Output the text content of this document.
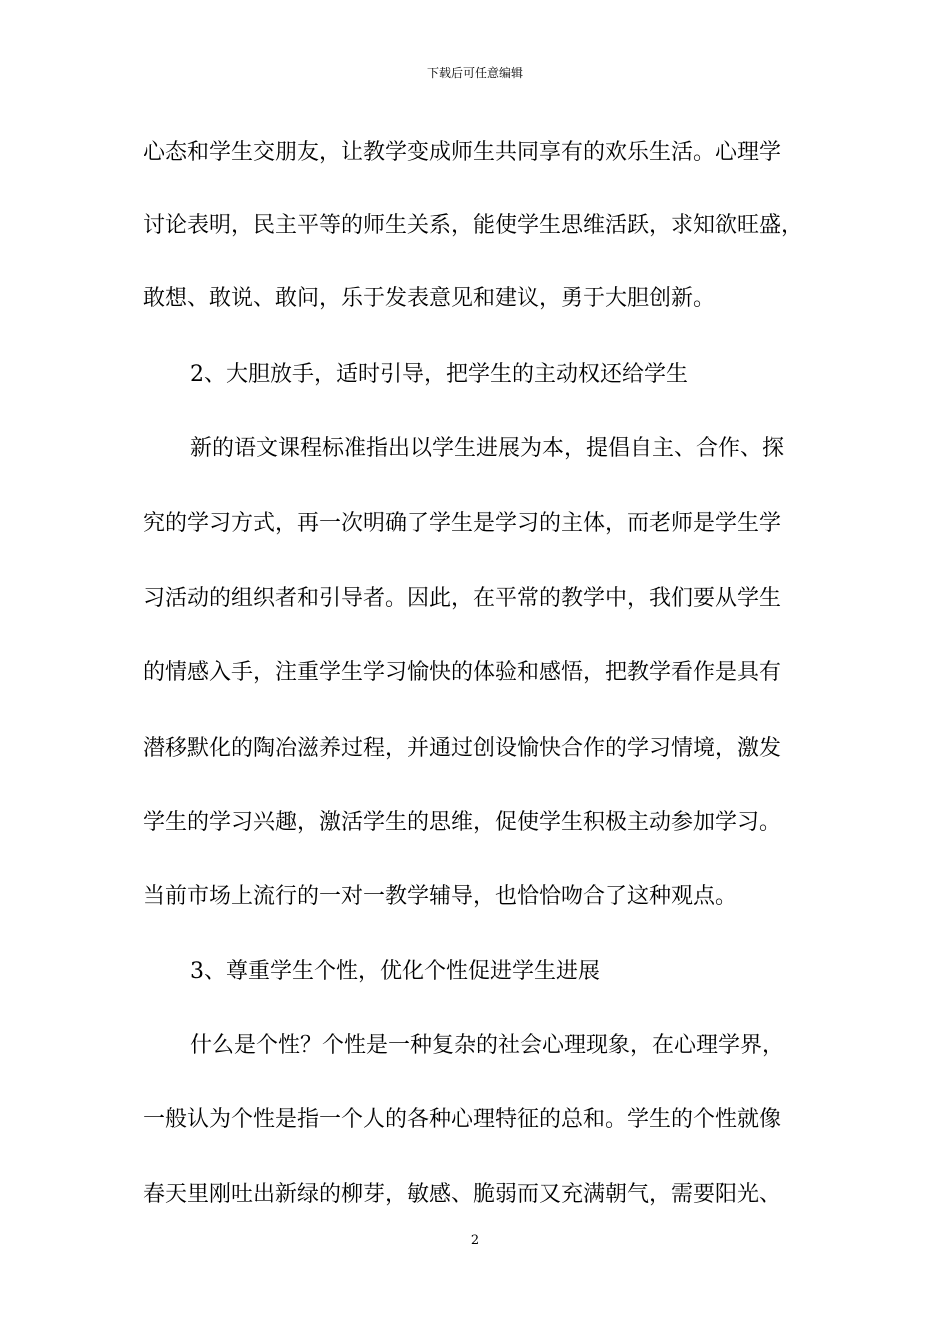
下载后可任意编辑
心态和学生交朋友，让教学变成师生共同享有的欢乐生活。心理学
讨论表明，民主平等的师生关系，能使学生思维活跃，求知欲旺盛，
敢想、敢说、敢问，乐于发表意见和建议，勇于大胆创新。
2、大胆放手，适时引导，把学生的主动权还给学生
新的语文课程标准指出以学生进展为本，提倡自主、合作、探
究的学习方式，再一次明确了学生是学习的主体，而老师是学生学
习活动的组织者和引导者。因此，在平常的教学中，我们要从学生
的情感入手，注重学生学习愉快的体验和感悟，把教学看作是具有
潜移默化的陶冶滋养过程，并通过创设愉快合作的学习情境，激发
学生的学习兴趣，激活学生的思维，促使学生积极主动参加学习。
当前市场上流行的一对一教学辅导，也恰恰吻合了这种观点。
3、尊重学生个性，优化个性促进学生进展
什么是个性？个性是一种复杂的社会心理现象，在心理学界，
一般认为个性是指一个人的各种心理特征的总和。学生的个性就像
春天里刚吐出新绿的柳芽，敏感、脆弱而又充满朝气，需要阳光、
2
